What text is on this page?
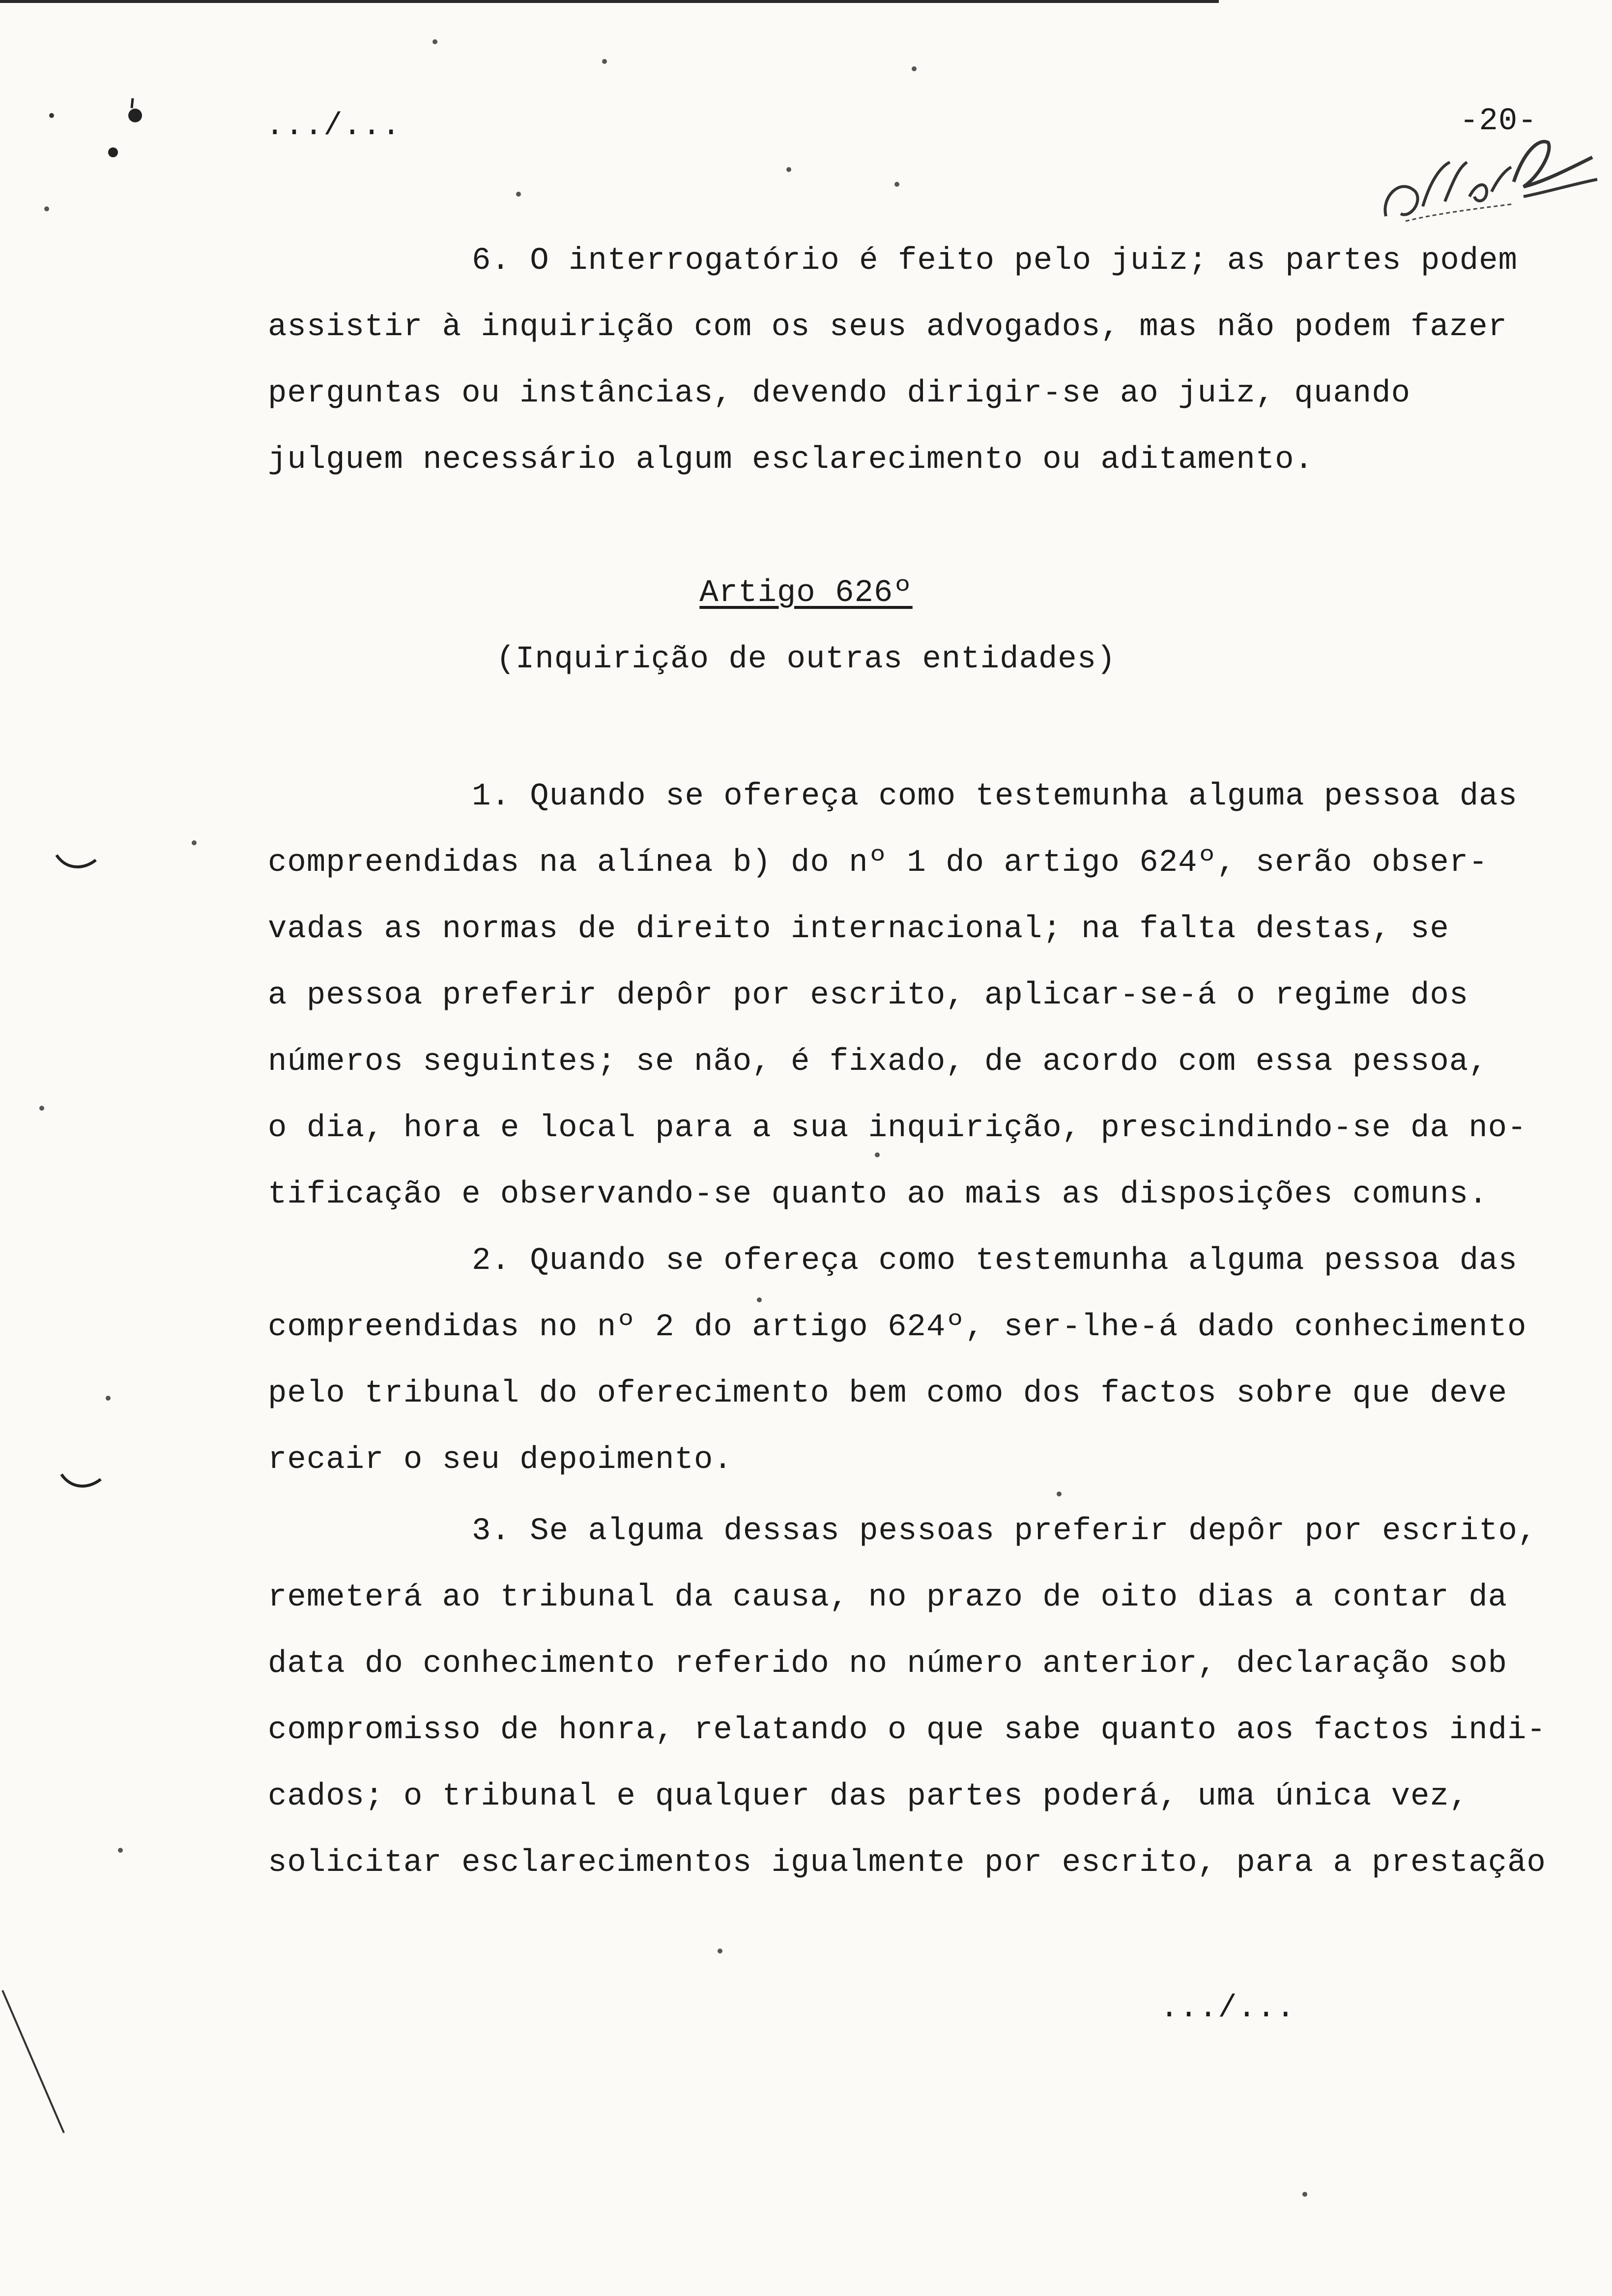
.../...	-20-
6. O interrogatório é feito pelo juiz; as partes podem
assistir à inquirição com os seus advogados, mas não podem fazer
perguntas ou instâncias, devendo dirigir-se ao juiz, quando
julguem necessário algum esclarecimento ou aditamento.
Artigo 626º
(Inquirição de outras entidades)
1. Quando se ofereça como testemunha alguma pessoa das
compreendidas na alínea b) do nº 1 do artigo 624º, serão obser-
vadas as normas de direito internacional; na falta destas, se
a pessoa preferir depôr por escrito, aplicar-se-á o regime dos
números seguintes; se não, é fixado, de acordo com essa pessoa,
o dia, hora e local para a sua inquirição, prescindindo-se da no-
tificação e observando-se quanto ao mais as disposições comuns.
2. Quando se ofereça como testemunha alguma pessoa das
compreendidas no nº 2 do artigo 624º, ser-lhe-á dado conhecimento
pelo tribunal do oferecimento bem como dos factos sobre que deve
recair o seu depoimento.
3. Se alguma dessas pessoas preferir depôr por escrito,
remeterá ao tribunal da causa, no prazo de oito dias a contar da
data do conhecimento referido no número anterior, declaração sob
compromisso de honra, relatando o que sabe quanto aos factos indi-
cados; o tribunal e qualquer das partes poderá, uma única vez,
solicitar esclarecimentos igualmente por escrito, para a prestação
.../...
